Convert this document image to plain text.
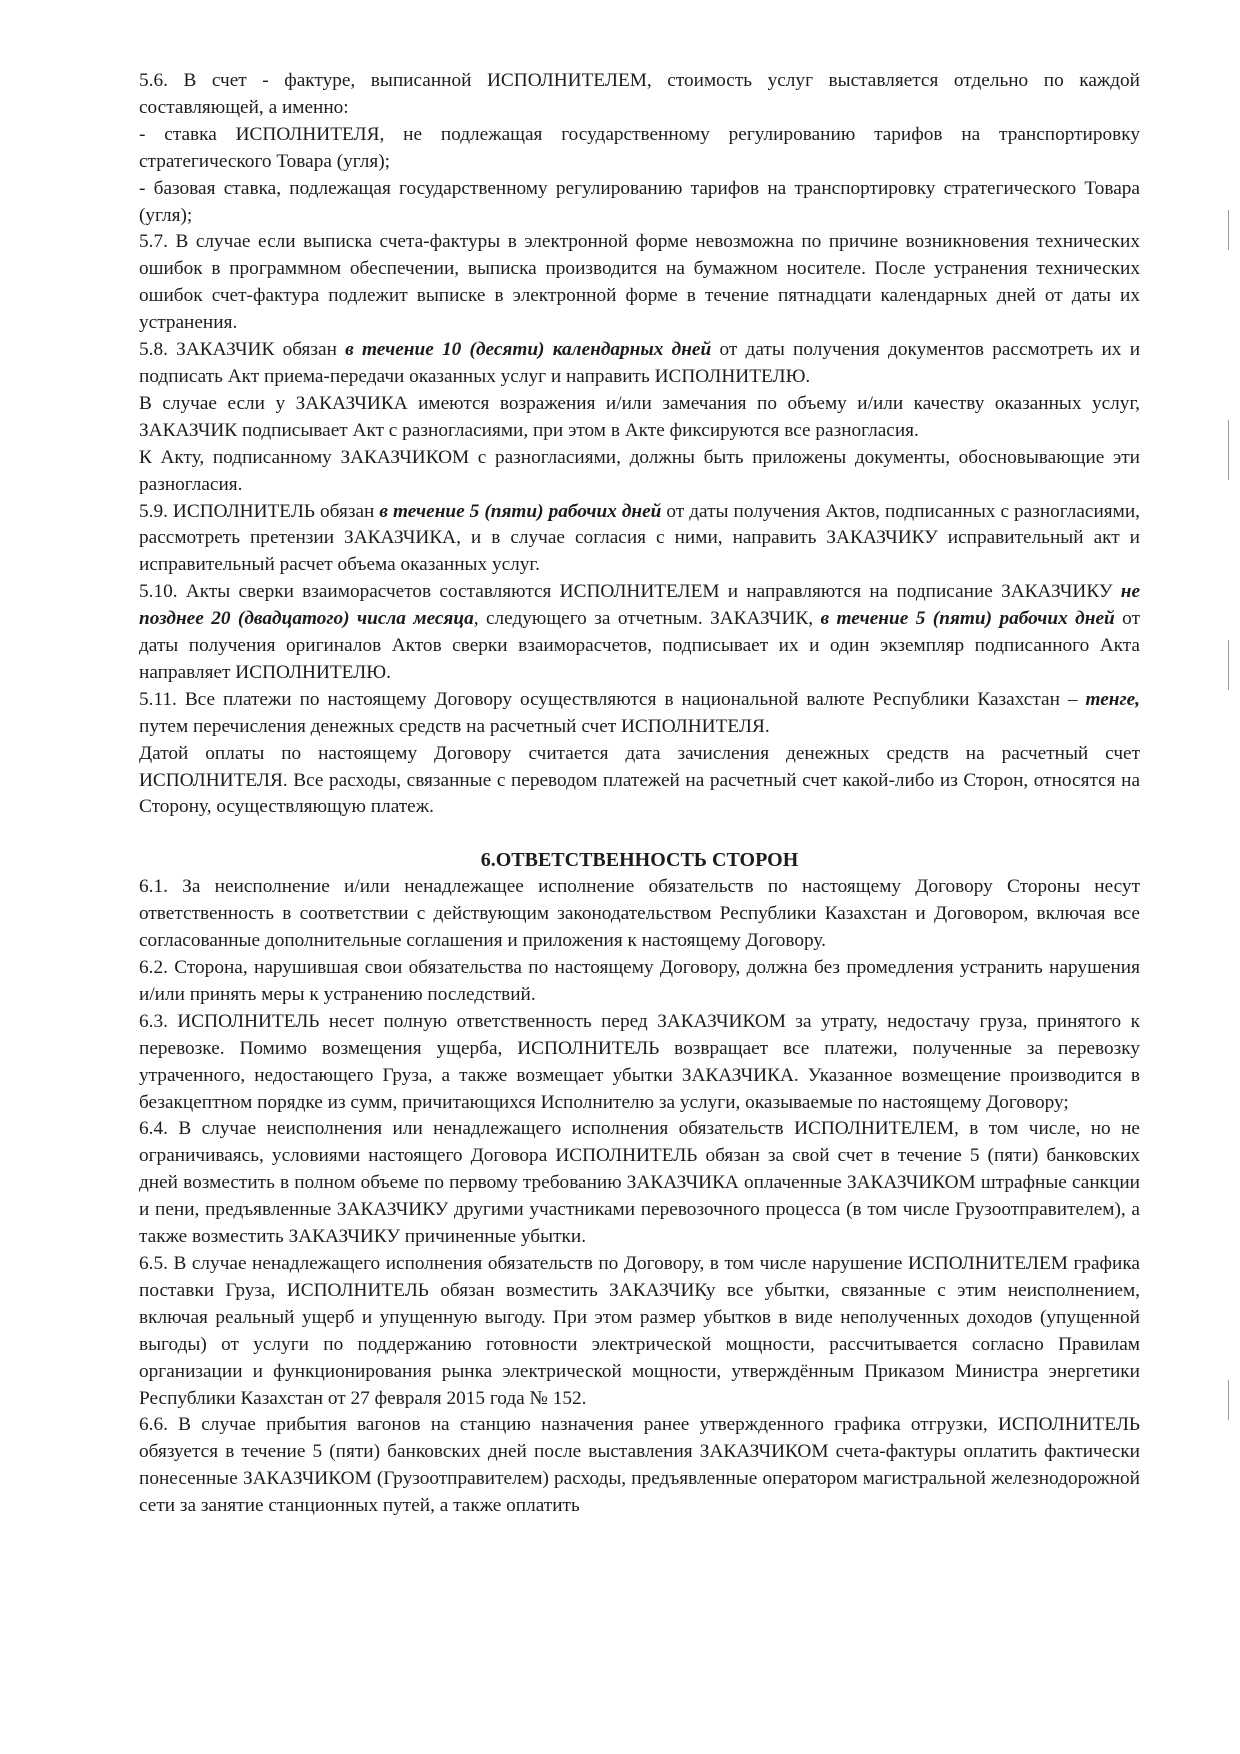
5.6. В счет - фактуре, выписанной ИСПОЛНИТЕЛЕМ, стоимость услуг выставляется отдельно по каждой составляющей, а именно:

- ставка ИСПОЛНИТЕЛЯ, не подлежащая государственному регулированию тарифов на транспортировку стратегического Товара (угля);

- базовая ставка, подлежащая государственному регулированию тарифов на транспортировку стратегического Товара (угля);

5.7. В случае если выписка счета-фактуры в электронной форме невозможна по причине возникновения технических ошибок в программном обеспечении, выписка производится на бумажном носителе. После устранения технических ошибок счет-фактура подлежит выписке в электронной форме в течение пятнадцати календарных дней от даты их устранения.

5.8. ЗАКАЗЧИК обязан в течение 10 (десяти) календарных дней от даты получения документов рассмотреть их и подписать Акт приема-передачи оказанных услуг и направить ИСПОЛНИТЕЛЮ.

В случае если у ЗАКАЗЧИКА имеются возражения и/или замечания по объему и/или качеству оказанных услуг, ЗАКАЗЧИК подписывает Акт с разногласиями, при этом в Акте фиксируются все разногласия.

К Акту, подписанному ЗАКАЗЧИКОМ с разногласиями, должны быть приложены документы, обосновывающие эти разногласия.

5.9. ИСПОЛНИТЕЛЬ обязан в течение 5 (пяти) рабочих дней от даты получения Актов, подписанных с разногласиями, рассмотреть претензии ЗАКАЗЧИКА, и в случае согласия с ними, направить ЗАКАЗЧИКУ исправительный акт и исправительный расчет объема оказанных услуг.

5.10. Акты сверки взаиморасчетов составляются ИСПОЛНИТЕЛЕМ и направляются на подписание ЗАКАЗЧИКУ не позднее 20 (двадцатого) числа месяца, следующего за отчетным. ЗАКАЗЧИК, в течение 5 (пяти) рабочих дней от даты получения оригиналов Актов сверки взаиморасчетов, подписывает их и один экземпляр подписанного Акта направляет ИСПОЛНИТЕЛЮ.

5.11. Все платежи по настоящему Договору осуществляются в национальной валюте Республики Казахстан – тенге, путем перечисления денежных средств на расчетный счет ИСПОЛНИТЕЛЯ.

Датой оплаты по настоящему Договору считается дата зачисления денежных средств на расчетный счет ИСПОЛНИТЕЛЯ. Все расходы, связанные с переводом платежей на расчетный счет какой-либо из Сторон, относятся на Сторону, осуществляющую платеж.

6.ОТВЕТСТВЕННОСТЬ СТОРОН

6.1. За неисполнение и/или ненадлежащее исполнение обязательств по настоящему Договору Стороны несут ответственность в соответствии с действующим законодательством Республики Казахстан и Договором, включая все согласованные дополнительные соглашения и приложения к настоящему Договору.

6.2. Сторона, нарушившая свои обязательства по настоящему Договору, должна без промедления устранить нарушения и/или принять меры к устранению последствий.

6.3. ИСПОЛНИТЕЛЬ несет полную ответственность перед ЗАКАЗЧИКОМ за утрату, недостачу груза, принятого к перевозке. Помимо возмещения ущерба, ИСПОЛНИТЕЛЬ возвращает все платежи, полученные за перевозку утраченного, недостающего Груза, а также возмещает убытки ЗАКАЗЧИКА. Указанное возмещение производится в безакцептном порядке из сумм, причитающихся Исполнителю за услуги, оказываемые по настоящему Договору;

6.4. В случае неисполнения или ненадлежащего исполнения обязательств ИСПОЛНИТЕЛЕМ, в том числе, но не ограничиваясь, условиями настоящего Договора ИСПОЛНИТЕЛЬ обязан за свой счет в течение 5 (пяти) банковских дней возместить в полном объеме по первому требованию ЗАКАЗЧИКА оплаченные ЗАКАЗЧИКОМ штрафные санкции и пени, предъявленные ЗАКАЗЧИКУ другими участниками перевозочного процесса (в том числе Грузоотправителем), а также возместить ЗАКАЗЧИКУ причиненные убытки.

6.5. В случае ненадлежащего исполнения обязательств по Договору, в том числе нарушение ИСПОЛНИТЕЛЕМ графика поставки Груза, ИСПОЛНИТЕЛЬ обязан возместить ЗАКАЗЧИКу все убытки, связанные с этим неисполнением, включая реальный ущерб и упущенную выгоду. При этом размер убытков в виде неполученных доходов (упущенной выгоды) от услуги по поддержанию готовности электрической мощности, рассчитывается согласно Правилам организации и функционирования рынка электрической мощности, утверждённым Приказом Министра энергетики Республики Казахстан от 27 февраля 2015 года № 152.

6.6. В случае прибытия вагонов на станцию назначения ранее утвержденного графика отгрузки, ИСПОЛНИТЕЛЬ обязуется в течение 5 (пяти) банковских дней после выставления ЗАКАЗЧИКОМ счета-фактуры оплатить фактически понесенные ЗАКАЗЧИКОМ (Грузоотправителем) расходы, предъявленные оператором магистральной железнодорожной сети за занятие станционных путей, а также оплатить
